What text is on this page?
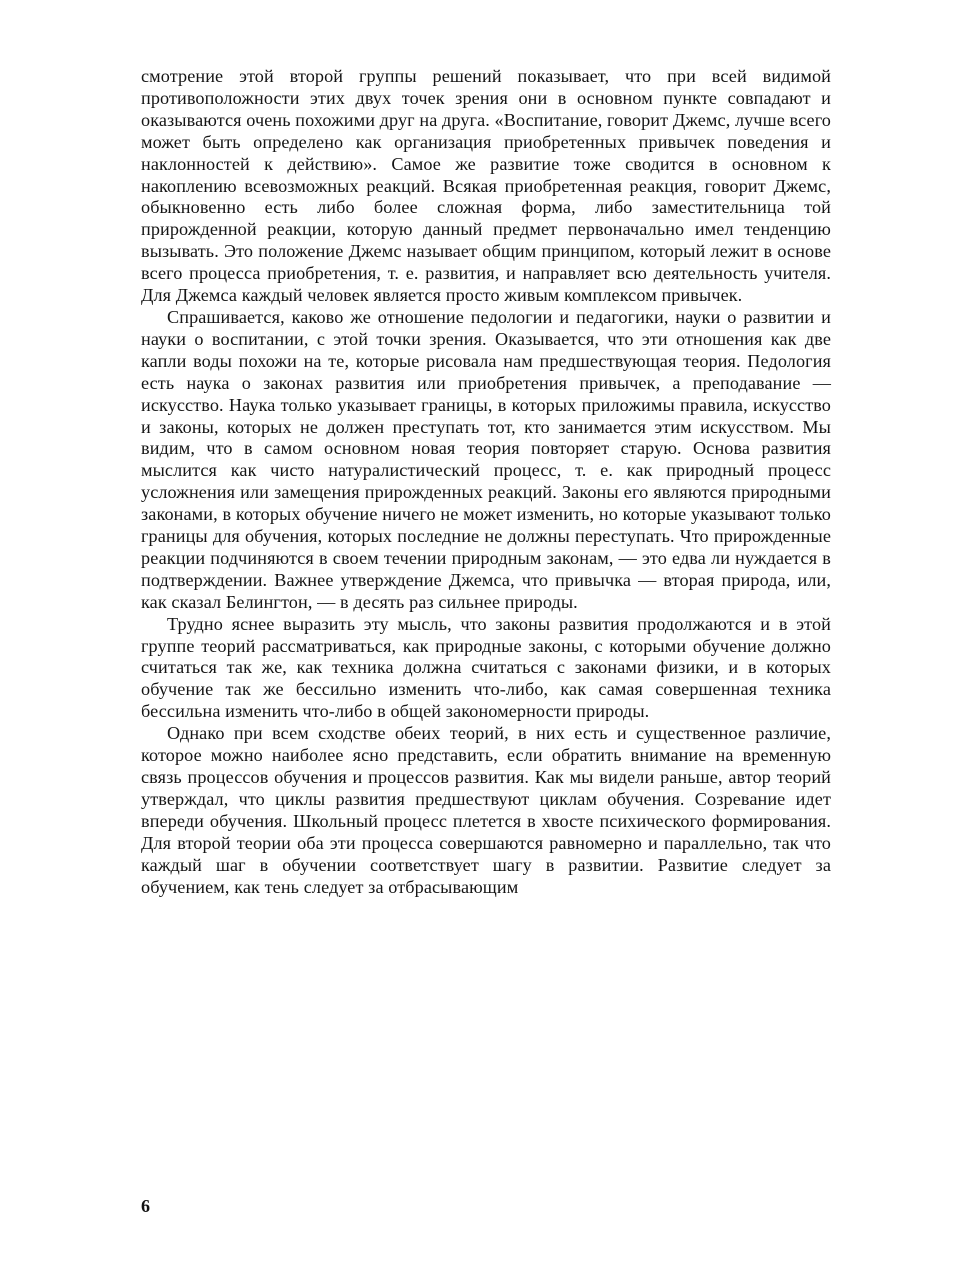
смотрение этой второй группы решений показывает, что при всей видимой противоположности этих двух точек зрения они в основном пункте совпадают и оказываются очень похожими друг на друга. «Воспитание, говорит Джемс, лучше всего может быть определено как организация приобретенных привычек поведения и наклонностей к действию». Самое же развитие тоже сводится в основном к накоплению всевозможных реакций. Всякая приобретенная реакция, говорит Джемс, обыкновенно есть либо более сложная форма, либо заместительница той прирожденной реакции, которую данный предмет первоначально имел тенденцию вызывать. Это положение Джемс называет общим принципом, который лежит в основе всего процесса приобретения, т. е. развития, и направляет всю деятельность учителя. Для Джемса каждый человек является просто живым комплексом привычек.

Спрашивается, каково же отношение педологии и педагогики, науки о развитии и науки о воспитании, с этой точки зрения. Оказывается, что эти отношения как две капли воды похожи на те, которые рисовала нам предшествующая теория. Педология есть наука о законах развития или приобретения привычек, а преподавание — искусство. Наука только указывает границы, в которых приложимы правила, искусство и законы, которых не должен преступать тот, кто занимается этим искусством. Мы видим, что в самом основном новая теория повторяет старую. Основа развития мыслится как чисто натуралистический процесс, т. е. как природный процесс усложнения или замещения прирожденных реакций. Законы его являются природными законами, в которых обучение ничего не может изменить, но которые указывают только границы для обучения, которых последние не должны переступать. Что прирожденные реакции подчиняются в своем течении природным законам, — это едва ли нуждается в подтверждении. Важнее утверждение Джемса, что привычка — вторая природа, или, как сказал Белингтон, — в десять раз сильнее природы.

Трудно яснее выразить эту мысль, что законы развития продолжаются и в этой группе теорий рассматриваться, как природные законы, с которыми обучение должно считаться так же, как техника должна считаться с законами физики, и в которых обучение так же бессильно изменить что-либо, как самая совершенная техника бессильна изменить что-либо в общей закономерности природы.

Однако при всем сходстве обеих теорий, в них есть и существенное различие, которое можно наиболее ясно представить, если обратить внимание на временную связь процессов обучения и процессов развития. Как мы видели раньше, автор теорий утверждал, что циклы развития предшествуют циклам обучения. Созревание идет впереди обучения. Школьный процесс плетется в хвосте психического формирования. Для второй теории оба эти процесса совершаются равномерно и параллельно, так что каждый шаг в обучении соответствует шагу в развитии. Развитие следует за обучением, как тень следует за отбрасывающим

6
